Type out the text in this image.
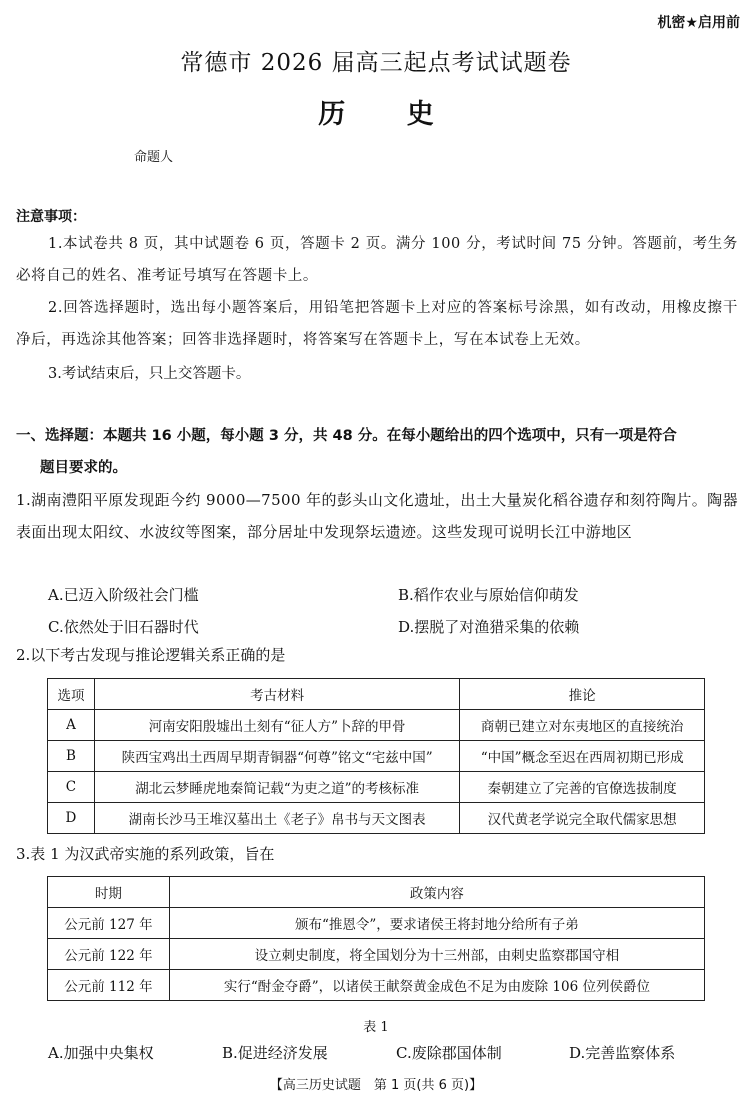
机密★启用前
常德市 2026 届高三起点考试试题卷
历 史
命题人
注意事项：
1.本试卷共 8 页，其中试题卷 6 页，答题卡 2 页。满分 100 分，考试时间 75 分钟。答题前，考生务必将自己的姓名、准考证号填写在答题卡上。
2.回答选择题时，选出每小题答案后，用铅笔把答题卡上对应的答案标号涂黑，如有改动，用橡皮擦干净后，再选涂其他答案；回答非选择题时，将答案写在答题卡上，写在本试卷上无效。
3.考试结束后，只上交答题卡。
一、选择题：本题共 16 小题，每小题 3 分，共 48 分。在每小题给出的四个选项中，只有一项是符合
题目要求的。
1.湖南澧阳平原发现距今约 9000—7500 年的彭头山文化遗址，出土大量炭化稻谷遗存和刻符陶片。陶器表面出现太阳纹、水波纹等图案，部分居址中发现祭坛遗迹。这些发现可说明长江中游地区
A.已迈入阶级社会门槛	B.稻作农业与原始信仰萌发
C.依然处于旧石器时代	D.摆脱了对渔猎采集的依赖
2.以下考古发现与推论逻辑关系正确的是
选项	考古材料	推论
A	河南安阳殷墟出土刻有“征人方”卜辞的甲骨	商朝已建立对东夷地区的直接统治
B	陕西宝鸡出土西周早期青铜器“何尊”铭文“宅兹中国”	“中国”概念至迟在西周初期已形成
C	湖北云梦睡虎地秦简记载“为吏之道”的考核标准	秦朝建立了完善的官僚选拔制度
D	湖南长沙马王堆汉墓出土《老子》帛书与天文图表	汉代黄老学说完全取代儒家思想
3.表 1 为汉武帝实施的系列政策，旨在
时期	政策内容
公元前 127 年	颁布“推恩令”，要求诸侯王将封地分给所有子弟
公元前 122 年	设立刺史制度，将全国划分为十三州部，由刺史监察郡国守相
公元前 112 年	实行“酎金夺爵”，以诸侯王献祭黄金成色不足为由废除 106 位列侯爵位
表 1
A.加强中央集权	B.促进经济发展	C.废除郡国体制	D.完善监察体系
【高三历史试题　第 1 页(共 6 页)】
